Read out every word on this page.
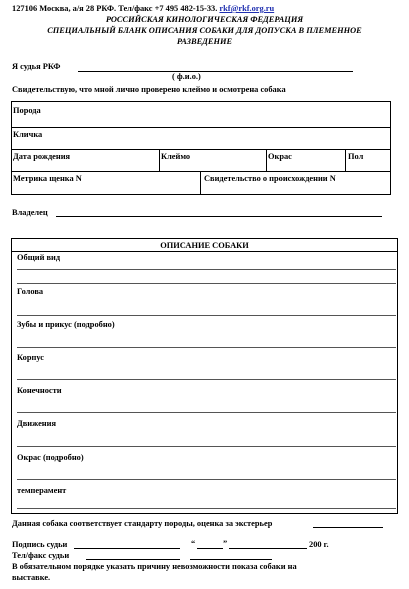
127106 Москва, а/я 28 РКФ. Тел/факс +7 495 482-15-33. rkf@rkf.org.ru
РОССИЙСКАЯ КИНОЛОГИЧЕСКАЯ ФЕДЕРАЦИЯ
СПЕЦИАЛЬНЫЙ БЛАНК ОПИСАНИЯ СОБАКИ ДЛЯ ДОПУСКА В ПЛЕМЕННОЕ
РАЗВЕДЕНИЕ
Я судья РКФ
( ф.и.о.)
Свидетельствую, что мной лично проверено клеймо и осмотрена собака
Порода
Кличка
Дата рождения	Клеймо	Окрас	Пол
Метрика щенка N	Свидетельство о происхождении N
Владелец
ОПИСАНИЕ СОБАКИ
Общий вид
Голова
Зубы и прикус (подробно)
Корпус
Конечности
Движения
Окрас (подробно)
темперамент
Данная собака соответствует стандарту породы, оценка за экстерьер
Подпись судьи	“	”	200 г.
Тел/факс судьи
В обязательном порядке указать причину невозможности показа собаки на
выставке.
